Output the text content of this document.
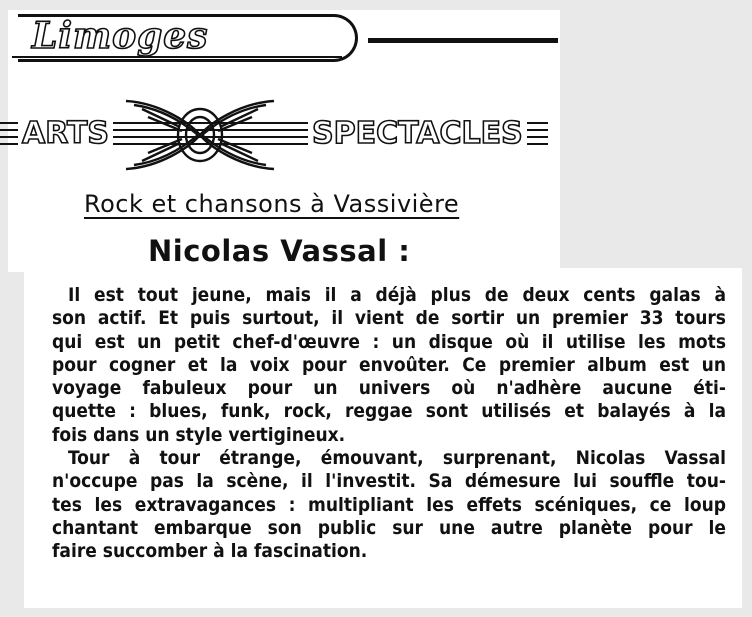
Limoges
ARTS	SPECTACLES
Rock et chansons à Vassivière
Nicolas Vassal :
Il est tout jeune, mais il a déjà plus de deux cents galas à
son actif. Et puis surtout, il vient de sortir un premier 33 tours
qui est un petit chef-d'œuvre : un disque où il utilise les mots
pour cogner et la voix pour envoûter. Ce premier album est un
voyage fabuleux pour un univers où n'adhère aucune éti-
quette : blues, funk, rock, reggae sont utilisés et balayés à la
fois dans un style vertigineux.
Tour à tour étrange, émouvant, surprenant, Nicolas Vassal
n'occupe pas la scène, il l'investit. Sa démesure lui souffle tou-
tes les extravagances : multipliant les effets scéniques, ce loup
chantant embarque son public sur une autre planète pour le
faire succomber à la fascination.
